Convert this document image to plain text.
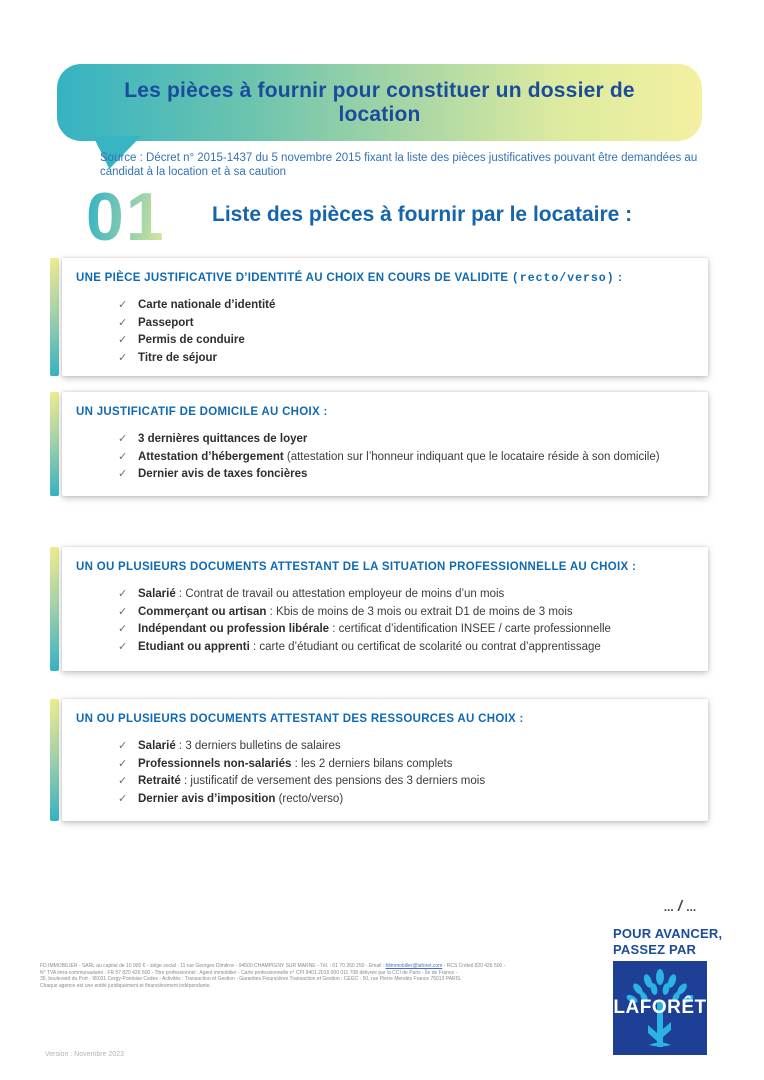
Les pièces à fournir pour constituer un dossier de location

Source : Décret n° 2015-1437 du 5 novembre 2015 fixant la liste des pièces justificatives pouvant être demandées au candidat à la location et à sa caution

01 Liste des pièces à fournir par le locataire :
UNE PIÈCE JUSTIFICATIVE D’IDENTITÉ AU CHOIX EN COURS DE VALIDITE (recto/verso) :
✓ Carte nationale d’identité
✓ Passeport
✓ Permis de conduire
✓ Titre de séjour
UN JUSTIFICATIF DE DOMICILE AU CHOIX :
✓ 3 dernières quittances de loyer
✓ Attestation d’hébergement (attestation sur l’honneur indiquant que le locataire réside à son domicile)
✓ Dernier avis de taxes foncières
UN OU PLUSIEURS DOCUMENTS ATTESTANT DE LA SITUATION PROFESSIONNELLE AU CHOIX :
✓ Salarié : Contrat de travail ou attestation employeur de moins d’un mois
✓ Commerçant ou artisan : Kbis de moins de 3 mois ou extrait D1 de moins de 3 mois
✓ Indépendant ou profession libérale : certificat d’identification INSEE / carte professionnelle
✓ Etudiant ou apprenti : carte d’étudiant ou certificat de scolarité ou contrat d’apprentissage
UN OU PLUSIEURS DOCUMENTS ATTESTANT DES RESSOURCES AU CHOIX :
✓ Salarié : 3 derniers bulletins de salaires
✓ Professionnels non-salariés : les 2 derniers bilans complets
✓ Retraité : justificatif de versement des pensions des 3 derniers mois
✓ Dernier avis d’imposition (recto/verso)
... / ...
POUR AVANCER,
PASSEZ PAR
LAFORÊT
FD IMMOBILIER - SARL au capital de 10 000 € - siège social : 11 rue Georges Dimitrov - 94500 CHAMPIGNY SUR MARNE - Tél. : 01 70 260 250 - Email : fdimmobilier@laforet.com - RCS Créteil 820 426 500 -
N° TVA intra-communautaire : FR 57 820 426 500 - Titre professionnel : Agent immobilier - Carte professionnelle n° CPI 9401 2016 000 011 708 délivrée par la CCI de Paris - Île de France -
35, boulevard du Port - 95031 Cergy-Pontoise Cedex - Activités : Transaction et Gestion - Garanties Financières Transaction et Gestion : CEGC - 50, rue Pierre Mendès France 75013 PARIS.
Chaque agence est une entité juridiquement et financièrement indépendante.
Version : Novembre 2023
